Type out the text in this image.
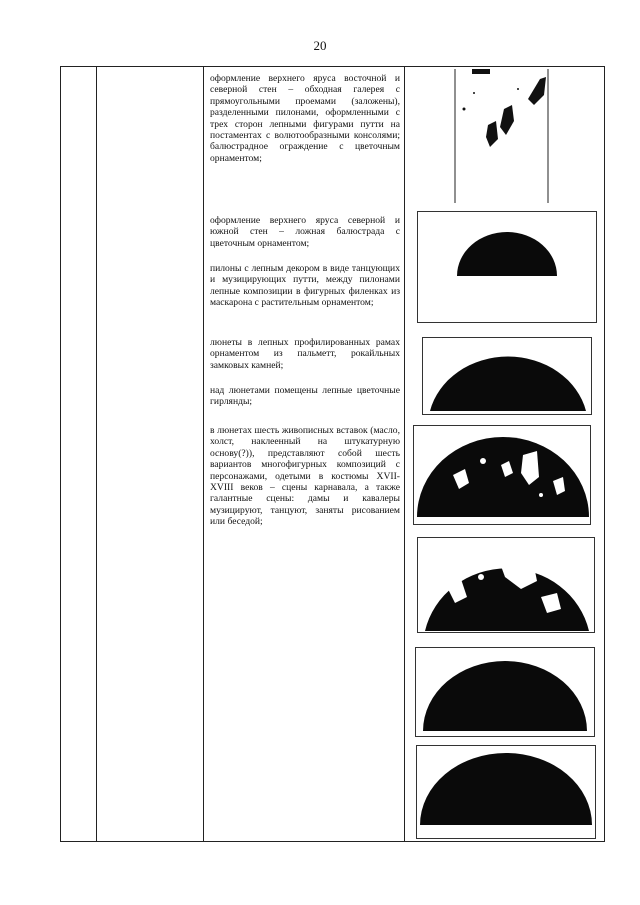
20
оформление верхнего яруса восточной и северной стен – обходная галерея с прямоугольными проемами (заложены), разделенными пилонами, оформленными с трех сторон лепными фигурами путти на постаментах с волютообразными консолями; балюстрадное ограждение с цветочным орнаментом;
оформление верхнего яруса северной и южной стен – ложная балюстрада с цветочным орнаментом;
пилоны с лепным декором в виде танцующих и музицирующих путти, между пилонами лепные композиции в фигурных филенках из маскарона с растительным орнаментом;
люнеты в лепных профилированных рамах орнаментом из пальметт, рокайльных замковых камней;
над люнетами помещены лепные цветочные гирлянды;
в люнетах шесть живописных вставок (масло, холст, наклеенный на штукатурную основу(?)), представляют собой шесть вариантов многофигурных композиций с персонажами, одетыми в костюмы XVII-XVIII веков – сцены карнавала, а также галантные сцены: дамы и кавалеры музицируют, танцуют, заняты рисованием или беседой;
